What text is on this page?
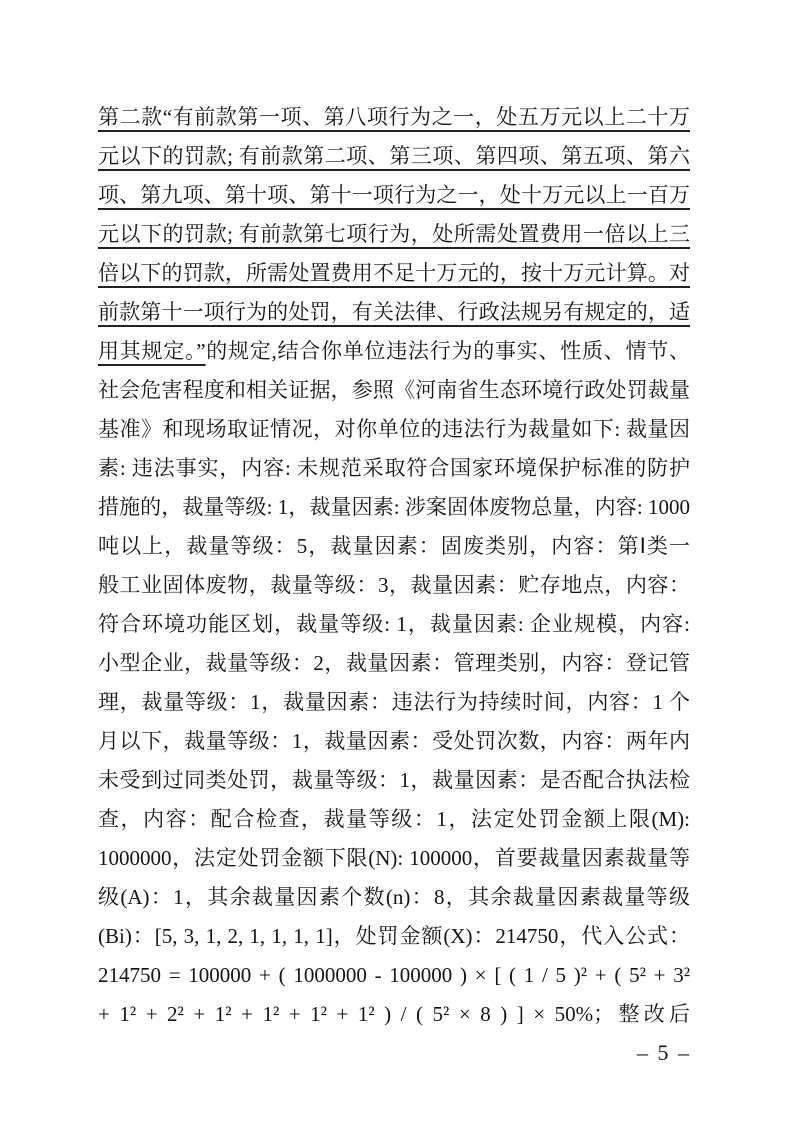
第二款“有前款第一项、第八项行为之一，处五万元以上二十万
元以下的罚款; 有前款第二项、第三项、第四项、第五项、第六
项、第九项、第十项、第十一项行为之一，处十万元以上一百万
元以下的罚款; 有前款第七项行为，处所需处置费用一倍以上三
倍以下的罚款，所需处置费用不足十万元的，按十万元计算。对
前款第十一项行为的处罚，有关法律、行政法规另有规定的，适
用其规定。”的规定,结合你单位违法行为的事实、性质、情节、
社会危害程度和相关证据，参照《河南省生态环境行政处罚裁量
基准》和现场取证情况，对你单位的违法行为裁量如下: 裁量因
素: 违法事实，内容: 未规范采取符合国家环境保护标准的防护
措施的，裁量等级: 1，裁量因素: 涉案固体废物总量，内容: 1000
吨以上，裁量等级：5，裁量因素：固废类别，内容：第Ⅰ类一
般工业固体废物，裁量等级：3，裁量因素：贮存地点，内容：
符合环境功能区划，裁量等级: 1，裁量因素: 企业规模，内容:
小型企业，裁量等级：2，裁量因素：管理类别，内容：登记管
理，裁量等级：1，裁量因素：违法行为持续时间，内容：1 个
月以下，裁量等级：1，裁量因素：受处罚次数，内容：两年内
未受到过同类处罚，裁量等级：1，裁量因素：是否配合执法检
查，内容：配合检查，裁量等级：1，法定处罚金额上限(M):
1000000，法定处罚金额下限(N): 100000，首要裁量因素裁量等
级(A)：1，其余裁量因素个数(n)：8，其余裁量因素裁量等级
(Bi)：[5, 3, 1, 2, 1, 1, 1, 1]，处罚金额(X)：214750，代入公式：
214750 = 100000 + ( 1000000 - 100000 ) × [ ( 1 / 5 )² + ( 5² + 3²
+ 1² + 2² + 1² + 1² + 1² + 1² ) / ( 5² × 8 ) ] × 50%；整改后
– 5 –
